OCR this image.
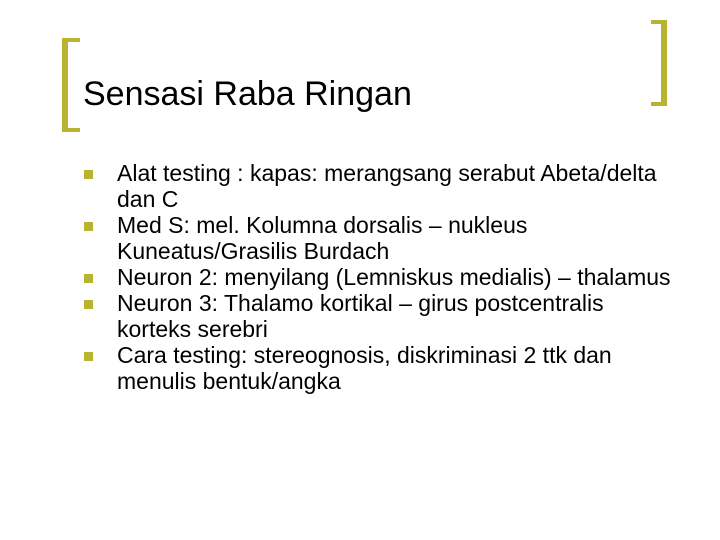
Sensasi Raba Ringan
Alat testing : kapas: merangsang serabut Abeta/delta dan C
Med S: mel. Kolumna dorsalis – nukleus Kuneatus/Grasilis Burdach
Neuron 2: menyilang (Lemniskus medialis) – thalamus
Neuron 3: Thalamo kortikal – girus postcentralis korteks serebri
Cara testing: stereognosis, diskriminasi 2 ttk dan menulis bentuk/angka
